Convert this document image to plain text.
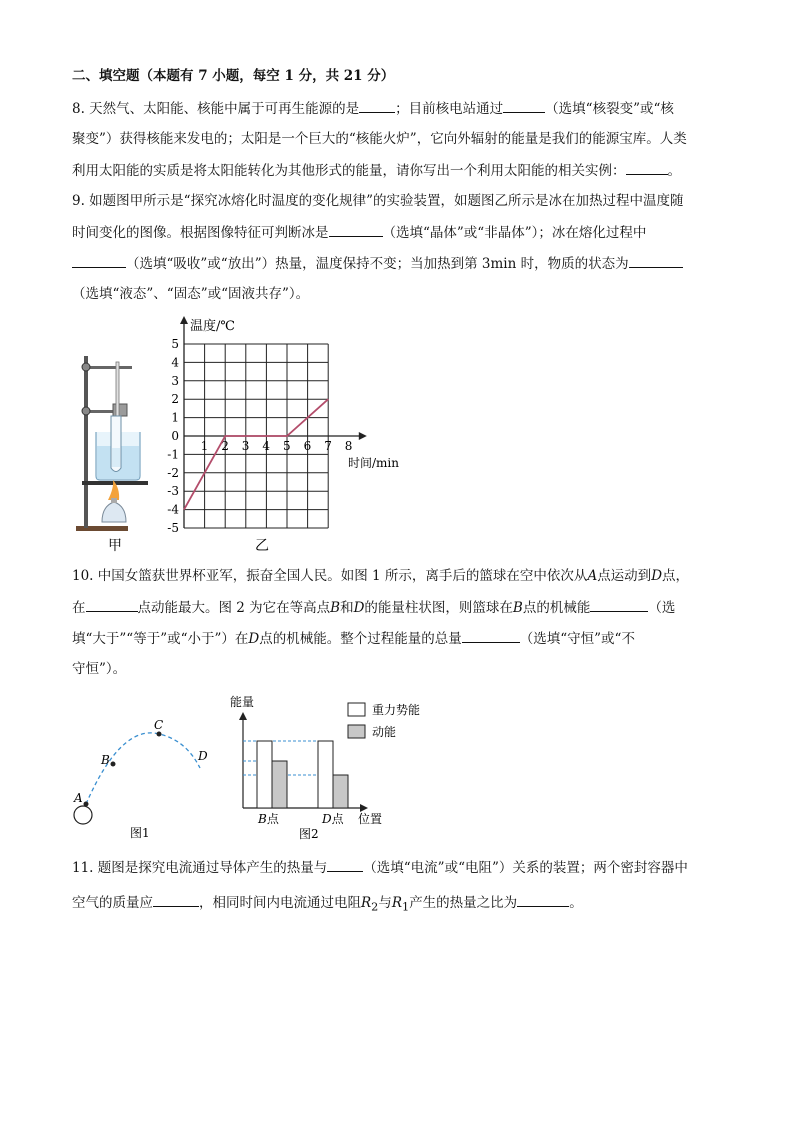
二、填空题（本题有 7 小题，每空 1 分，共 21 分）
8. 天然气、太阳能、核能中属于可再生能源的是	；目前核电站通过	（选填“核裂变”或“核
聚变”）获得核能来发电的；太阳是一个巨大的“核能火炉”，它向外辐射的能量是我们的能源宝库。人类
利用太阳能的实质是将太阳能转化为其他形式的能量，请你写出一个利用太阳能的相关实例：	。
9. 如题图甲所示是“探究冰熔化时温度的变化规律”的实验装置，如题图乙所示是冰在加热过程中温度随
时间变化的图像。根据图像特征可判断冰是	（选填“晶体”或“非晶体”）；冰在熔化过程中
（选填“吸收”或“放出”）热量，温度保持不变；当加热到第 3min 时，物质的状态为
（选填“液态”、“固态”或“固液共存”）。
甲
5
4
3
2
1
0
-1
-2
-3
-4
-5
1 2 3 4 5 6 7 8
温度/℃
时间/min
乙
10. 中国女篮获世界杯亚军，振奋全国人民。如图 1 所示，离手后的篮球在空中依次从A点运动到D点，
在	点动能最大。图 2 为它在等高点B和D的能量柱状图，则篮球在B点的机械能	（选
填“大于”“等于”或“小于”）在D点的机械能。整个过程能量的总量	（选填“守恒”或“不
守恒”）。
A
B
C
D
图1
能量
重力势能
动能
B点	D点 位置
图2
11. 题图是探究电流通过导体产生的热量与	（选填“电流”或“电阻”）关系的装置；两个密封容器中
空气的质量应	，相同时间内电流通过电阻$R_2$与$R_1$产生的热量之比为	。
